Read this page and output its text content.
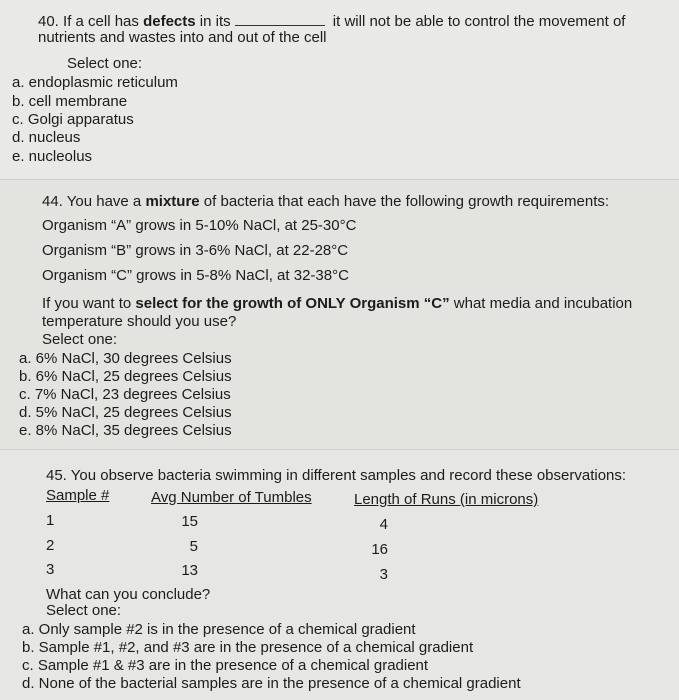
40. If a cell has defects in its	it will not be able to control the movement of
nutrients and wastes into and out of the cell
Select one:
a. endoplasmic reticulum
b. cell membrane
c. Golgi apparatus
d. nucleus
e. nucleolus
44. You have a mixture of bacteria that each have the following growth requirements:
Organism “A” grows in 5-10% NaCl, at 25-30°C
Organism “B” grows in 3-6% NaCl, at 22-28°C
Organism “C” grows in 5-8% NaCl, at 32-38°C
If you want to select for the growth of ONLY Organism “C” what media and incubation
temperature should you use?
Select one:
a. 6% NaCl, 30 degrees Celsius
b. 6% NaCl, 25 degrees Celsius
c. 7% NaCl, 23 degrees Celsius
d. 5% NaCl, 25 degrees Celsius
e. 8% NaCl, 35 degrees Celsius
45. You observe bacteria swimming in different samples and record these observations:
Sample #	Avg Number of Tumbles	Length of Runs (in microns)
1	15	4
2	5	16
3	13	3
What can you conclude?
Select one:
a. Only sample #2 is in the presence of a chemical gradient
b. Sample #1, #2, and #3 are in the presence of a chemical gradient
c. Sample #1 & #3 are in the presence of a chemical gradient
d. None of the bacterial samples are in the presence of a chemical gradient
